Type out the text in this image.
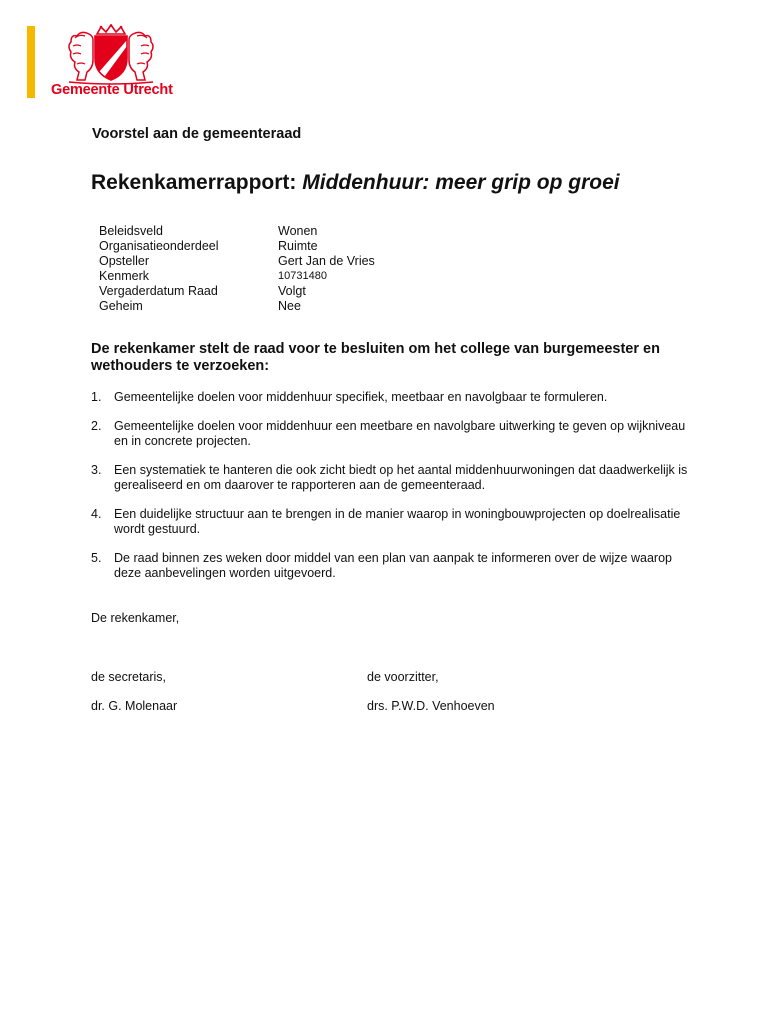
Gemeente Utrecht
Voorstel aan de gemeenteraad
Rekenkamerrapport: Middenhuur: meer grip op groei
Beleidsveld	Wonen
Organisatieonderdeel	Ruimte
Opsteller	Gert Jan de Vries
Kenmerk	10731480
Vergaderdatum Raad	Volgt
Geheim	Nee
De rekenkamer stelt de raad voor te besluiten om het college van burgemeester en wethouders te verzoeken:
1. Gemeentelijke doelen voor middenhuur specifiek, meetbaar en navolgbaar te formuleren.
2. Gemeentelijke doelen voor middenhuur een meetbare en navolgbare uitwerking te geven op wijkniveau en in concrete projecten.
3. Een systematiek te hanteren die ook zicht biedt op het aantal middenhuurwoningen dat daadwerkelijk is gerealiseerd en om daarover te rapporteren aan de gemeenteraad.
4. Een duidelijke structuur aan te brengen in de manier waarop in woningbouwprojecten op doelrealisatie wordt gestuurd.
5. De raad binnen zes weken door middel van een plan van aanpak te informeren over de wijze waarop deze aanbevelingen worden uitgevoerd.
De rekenkamer,
de secretaris,
dr. G. Molenaar
de voorzitter,
drs. P.W.D. Venhoeven
